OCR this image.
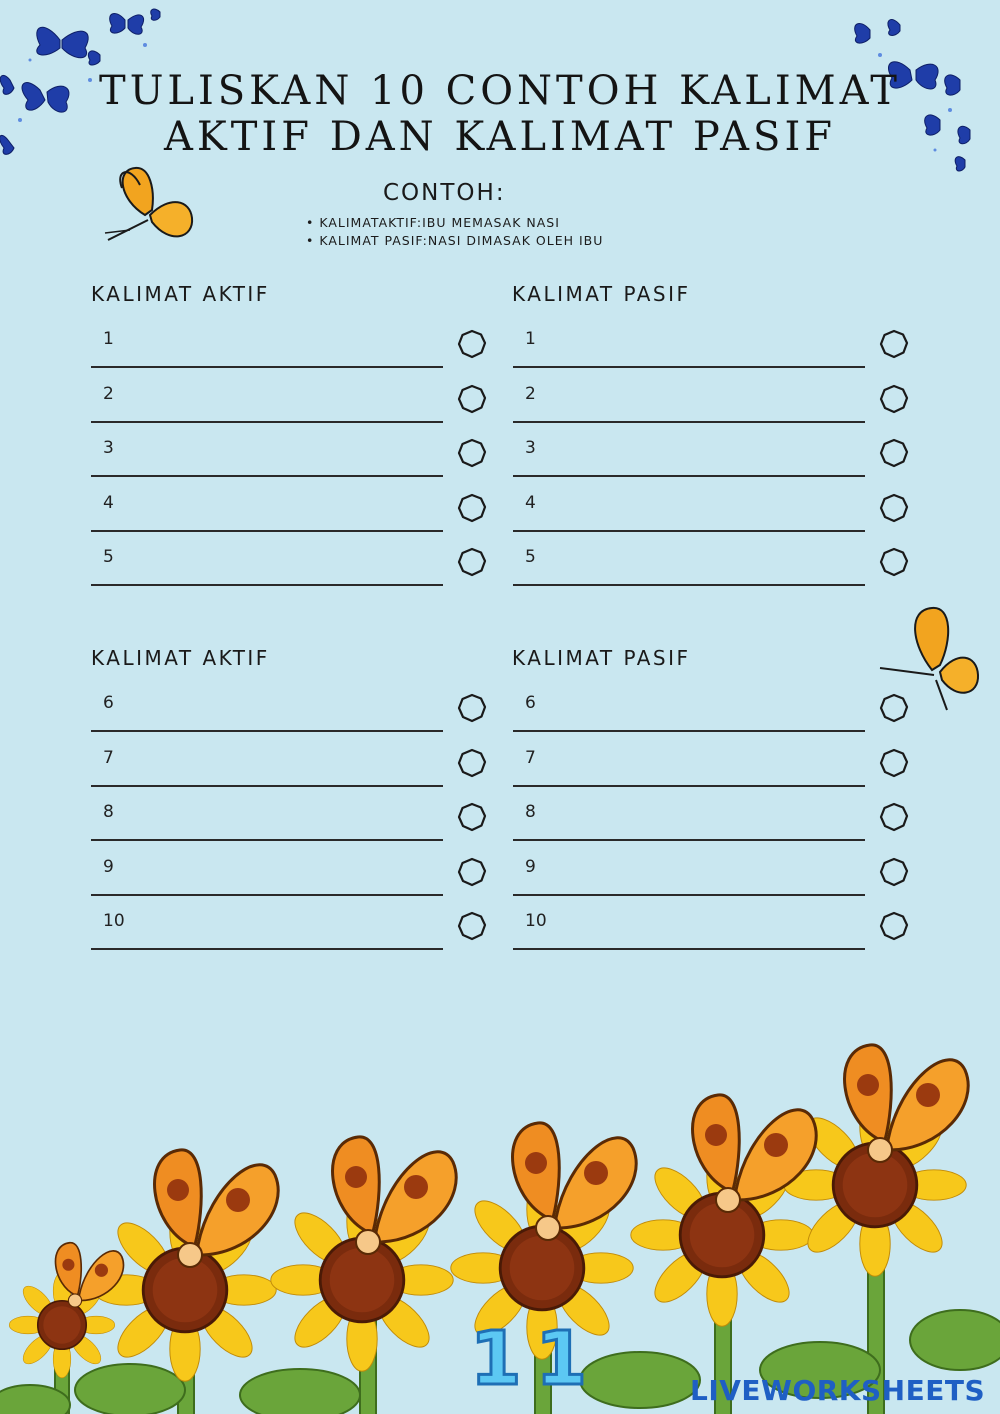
TULISKAN 10 CONTOH KALIMAT
AKTIF DAN KALIMAT PASIF
CONTOH:
• KALIMATAKTIF:IBU MEMASAK NASI
• KALIMAT PASIF:NASI DIMASAK OLEH IBU
KALIMAT AKTIF	KALIMAT PASIF
1	1
2	2
3	3
4	4
5	5
KALIMAT AKTIF	KALIMAT PASIF
6	6
7	7
8	8
9	9
10	10
11	LIVEWORKSHEETS
